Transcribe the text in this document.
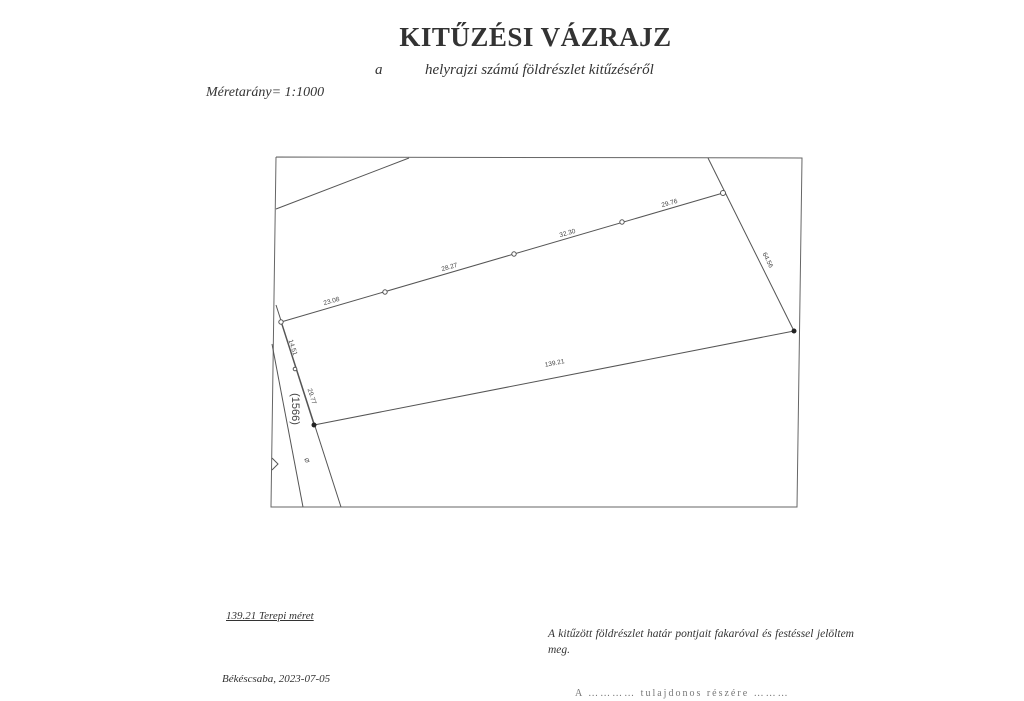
KITŰZÉSI VÁZRAJZ
a	helyrajzi számú földrészlet kitűzéséről
Méretarány= 1:1000
23.08
28.27
32.30
29.76
64.56
139.21
14.51
29.77
(1566)
Ø
139.21 Terepi méret
A kitűzött földrészlet határ pontjait fakaróval és festéssel jelöltem meg.
Békéscsaba, 2023-07-05
A ………… tulajdonos részére ………
